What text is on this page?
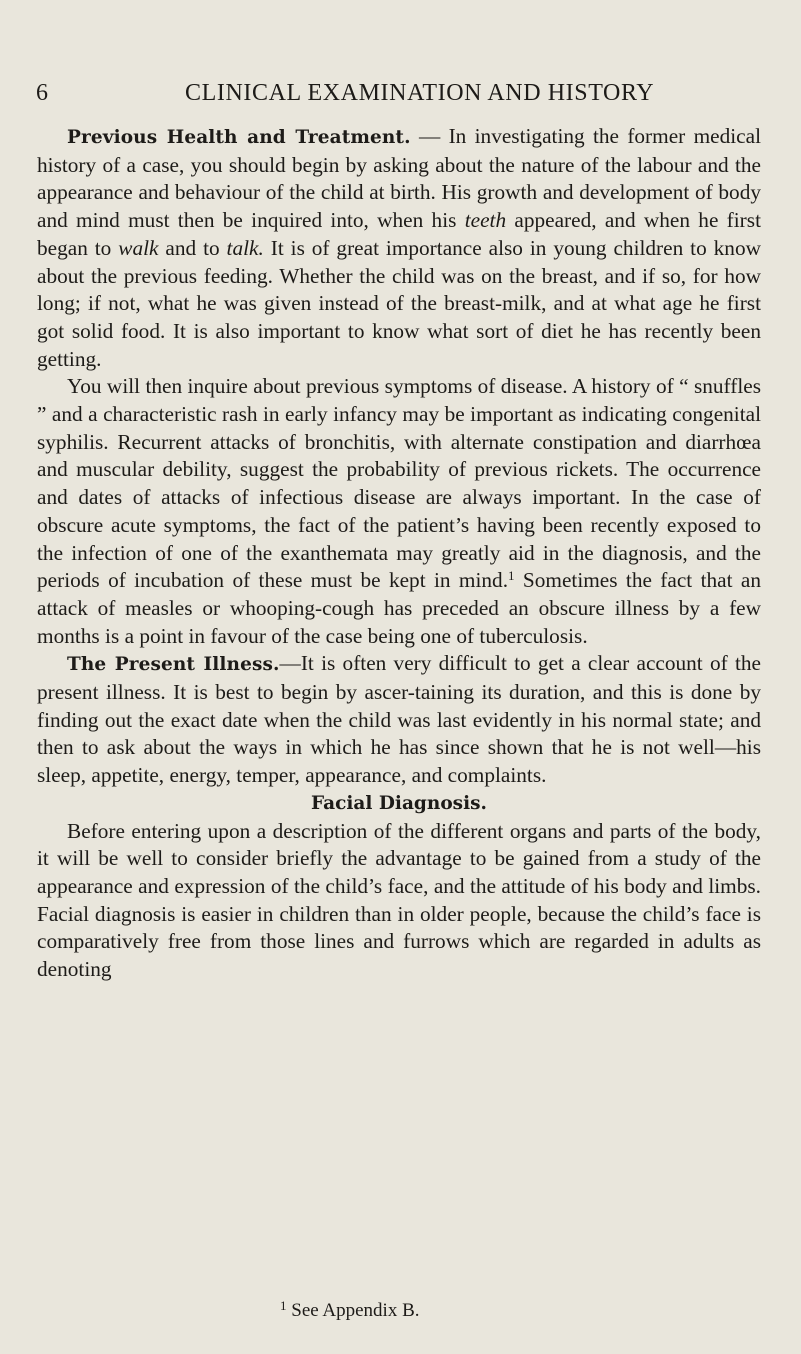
6	CLINICAL EXAMINATION AND HISTORY

Previous Health and Treatment. — In investigating the former medical history of a case, you should begin by asking about the nature of the labour and the appearance and behaviour of the child at birth. His growth and development of body and mind must then be inquired into, when his teeth appeared, and when he first began to walk and to talk. It is of great importance also in young children to know about the previous feeding. Whether the child was on the breast, and if so, for how long; if not, what he was given instead of the breast-milk, and at what age he first got solid food. It is also important to know what sort of diet he has recently been getting.

You will then inquire about previous symptoms of disease. A history of “ snuffles ” and a characteristic rash in early infancy may be important as indicating congenital syphilis. Recurrent attacks of bronchitis, with alternate constipation and diarrhœa and muscular debility, suggest the probability of previous rickets. The occurrence and dates of attacks of infectious disease are always important. In the case of obscure acute symptoms, the fact of the patient’s having been recently exposed to the infection of one of the exanthemata may greatly aid in the diagnosis, and the periods of incubation of these must be kept in mind.$^1$ Sometimes the fact that an attack of measles or whooping-cough has preceded an obscure illness by a few months is a point in favour of the case being one of tuberculosis.

The Present Illness.—It is often very difficult to get a clear account of the present illness. It is best to begin by ascer-taining its duration, and this is done by finding out the exact date when the child was last evidently in his normal state; and then to ask about the ways in which he has since shown that he is not well—his sleep, appetite, energy, temper, appearance, and complaints.

Facial Diagnosis.

Before entering upon a description of the different organs and parts of the body, it will be well to consider briefly the advantage to be gained from a study of the appearance and expression of the child’s face, and the attitude of his body and limbs. Facial diagnosis is easier in children than in older people, because the child’s face is comparatively free from those lines and furrows which are regarded in adults as denoting

$^1$ See Appendix B.
